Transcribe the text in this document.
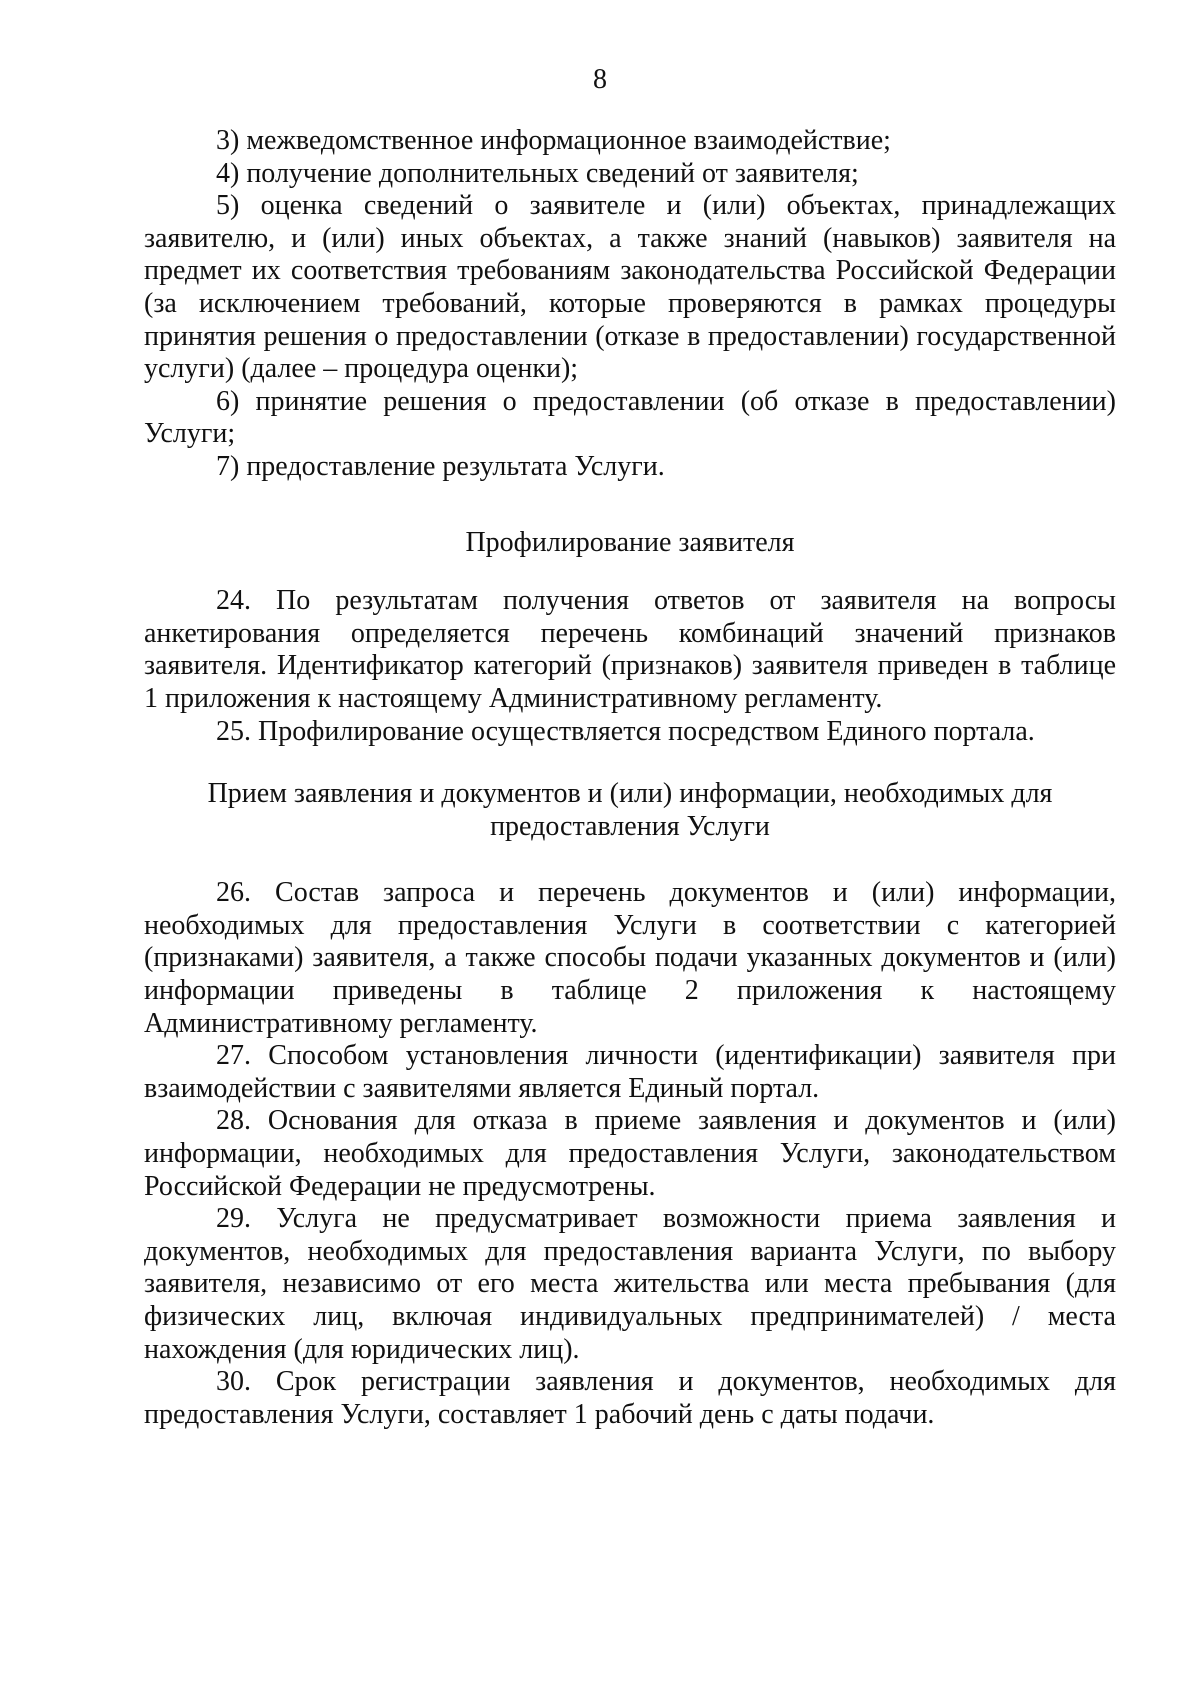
8

3) межведомственное информационное взаимодействие;

4) получение дополнительных сведений от заявителя;

5) оценка сведений о заявителе и (или) объектах, принадлежащих заявителю, и (или) иных объектах, а также знаний (навыков) заявителя на предмет их соответствия требованиям законодательства Российской Федерации (за исключением требований, которые проверяются в рамках процедуры принятия решения о предоставлении (отказе в предоставлении) государственной услуги) (далее – процедура оценки);

6) принятие решения о предоставлении (об отказе в предоставлении) Услуги;

7) предоставление результата Услуги.

Профилирование заявителя

24. По результатам получения ответов от заявителя на вопросы анкетирования определяется перечень комбинаций значений признаков заявителя. Идентификатор категорий (признаков) заявителя приведен в таблице 1 приложения к настоящему Административному регламенту.

25. Профилирование осуществляется посредством Единого портала.

Прием заявления и документов и (или) информации, необходимых для
предоставления Услуги

26. Состав запроса и перечень документов и (или) информации, необходимых для предоставления Услуги в соответствии с категорией (признаками) заявителя, а также способы подачи указанных документов и (или) информации приведены в таблице 2 приложения к настоящему Административному регламенту.

27. Способом установления личности (идентификации) заявителя при взаимодействии с заявителями является Единый портал.

28. Основания для отказа в приеме заявления и документов и (или) информации, необходимых для предоставления Услуги, законодательством Российской Федерации не предусмотрены.

29. Услуга не предусматривает возможности приема заявления и документов, необходимых для предоставления варианта Услуги, по выбору заявителя, независимо от его места жительства или места пребывания (для физических лиц, включая индивидуальных предпринимателей) / места нахождения (для юридических лиц).

30. Срок регистрации заявления и документов, необходимых для предоставления Услуги, составляет 1 рабочий день с даты подачи.
